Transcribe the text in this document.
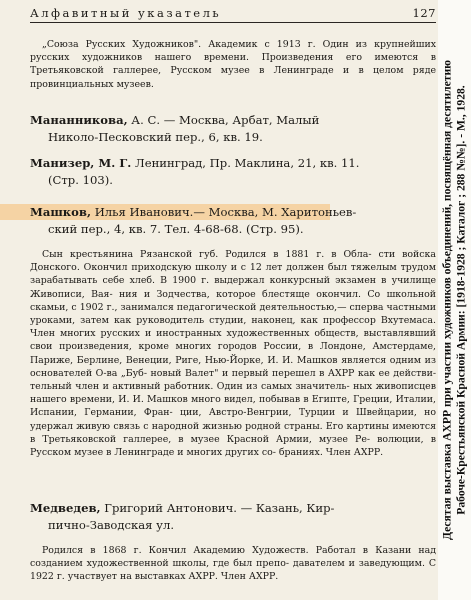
Алфавитный указатель	127

„Союза Русских Художников". Академик с 1913 г. Один из крупнейших русских художников нашего времени. Произведения его имеются в Третьяковской галлерее, Русском музее в Ленинграде и в целом ряде провинциальных музеев.

Мананникова, А. С. — Москва, Арбат, Малый
Николо-Песковский пер., 6, кв. 19.

Манизер, М. Г. Ленинград, Пр. Маклина, 21, кв. 11.
(Стр. 103).

Машков, Илья Иванович.— Москва, М. Харитоньев-
ский пер., 4, кв. 7. Тел. 4-68-68. (Стр. 95).

Сын крестьянина Рязанской губ. Родился в 1881 г. в Обла- сти войска Донского. Окончил приходскую школу и с 12 лет должен был тяжелым трудом зарабатывать себе хлеб. В 1900 г. выдержал конкурсный экзамен в училище Живописи, Вая- ния и Зодчества, которое блестяще окончил. Со школьной скамьи, с 1902 г., занимался педагогической деятельностью,— сперва частными уроками, затем как руководитель студии, наконец, как профессор Вхутемаса. Член многих русских и иностранных художественных обществ, выставлявший свои произведения, кроме многих городов России, в Лондоне, Амстердаме, Париже, Берлине, Венеции, Риге, Нью-Йорке, И. И. Машков является одним из основателей О-ва „Буб- новый Валет" и первый перешел в АХРР как ее действи- тельный член и активный работник. Один из самых значитель- ных живописцев нашего времени, И. И. Машков много видел, побывав в Египте, Греции, Италии, Испании, Германии, Фран- ции, Австро-Венгрии, Турции и Швейцарии, но удержал живую связь с народной жизнью родной страны. Его картины имеются в Третьяковской галлерее, в музее Красной Армии, музее Ре- волюции, в Русском музее в Ленинграде и многих других со- браниях. Член АХРР.

Медведев, Григорий Антонович. — Казань, Кир-
пично-Заводская ул.

Родился в 1868 г. Кончил Академию Художеств. Работал в Казани над созданием художественной школы, где был препо- давателем и заведующим. С 1922 г. участвует на выставках АХРР. Член АХРР.

Десятая выставка АХРР при участии художников объединений, посвящённая десятилетию Рабоче-Крестьянской Красной Армии: [1918-1928 ; Каталог ; 288 №№]. - М., 1928.
